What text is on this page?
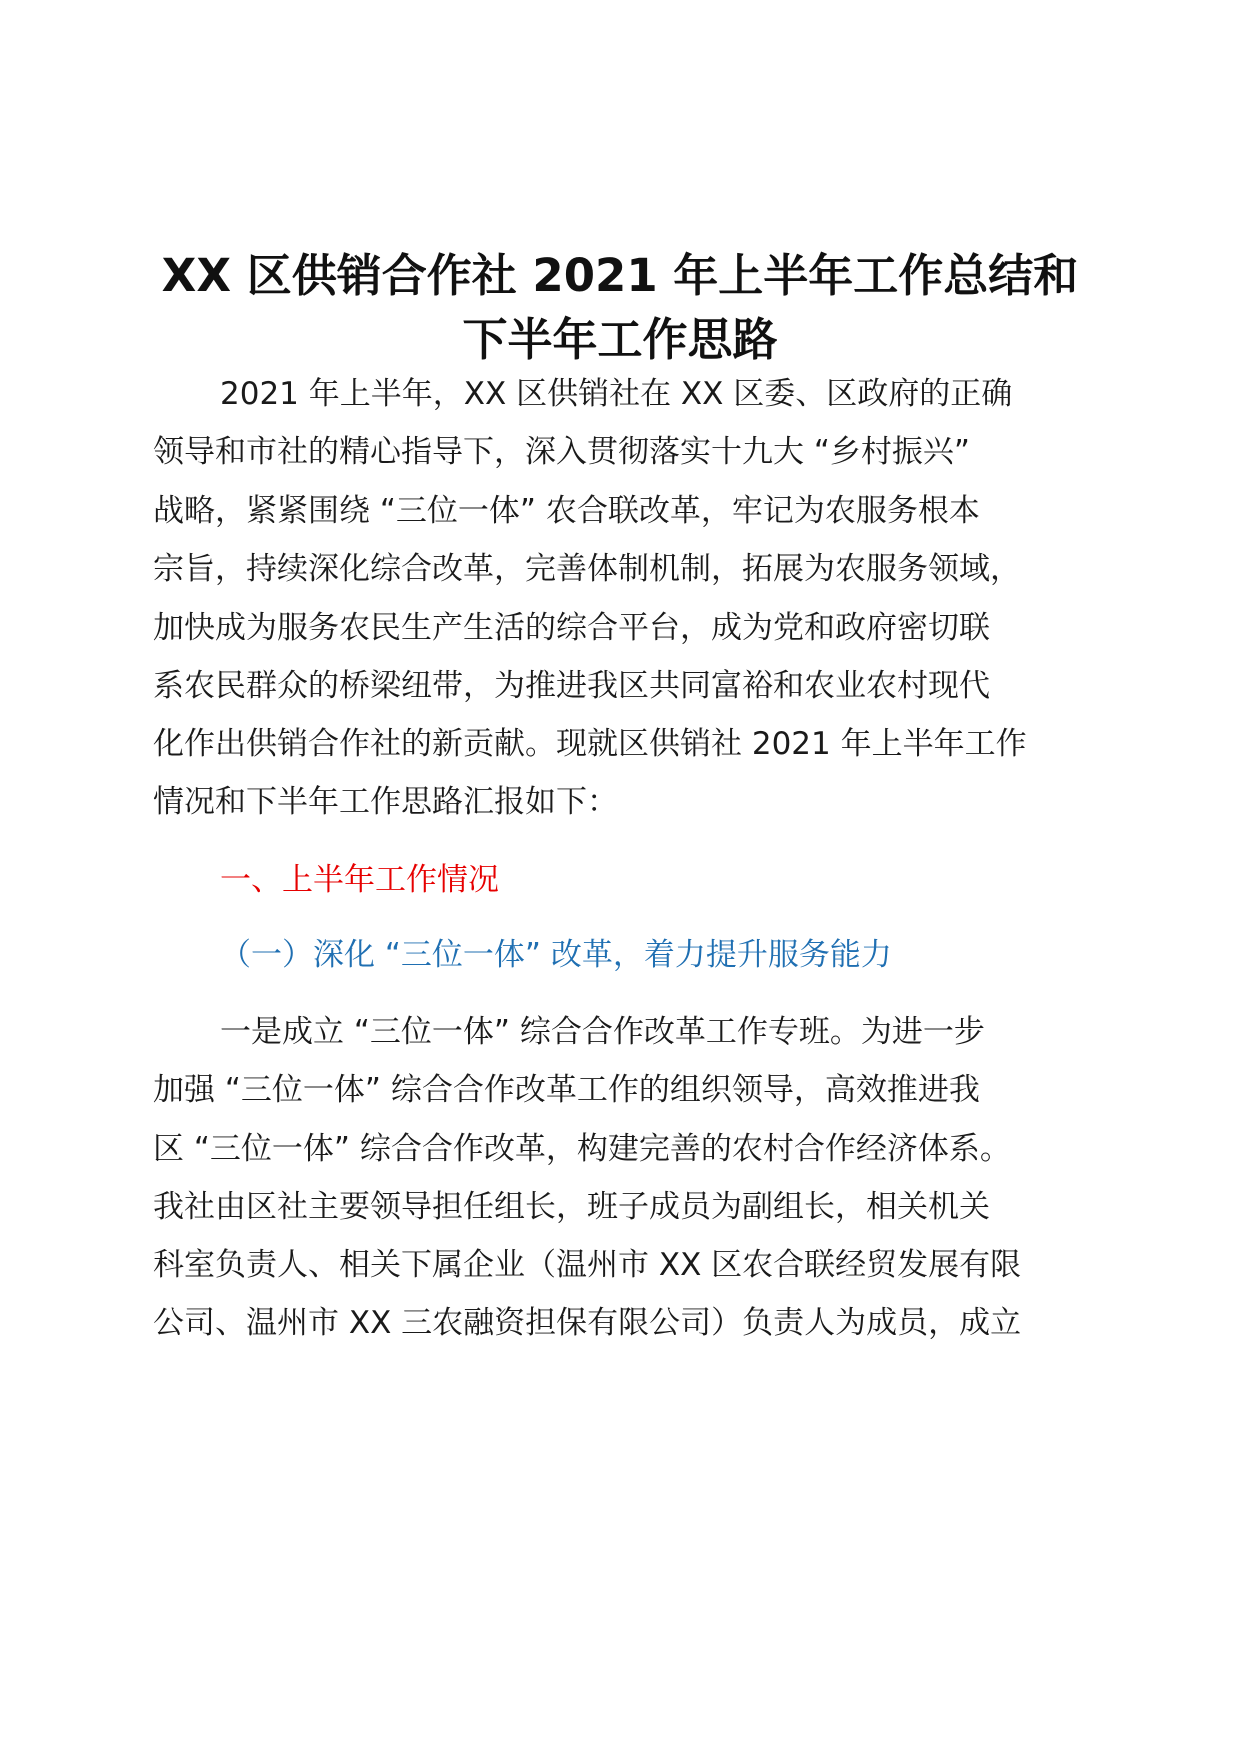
XX 区供销合作社 2021 年上半年工作总结和
下半年工作思路
2021 年上半年，XX 区供销社在 XX 区委、区政府的正确
领导和市社的精心指导下，深入贯彻落实十九大 “乡村振兴”
战略，紧紧围绕 “三位一体” 农合联改革，牢记为农服务根本
宗旨，持续深化综合改革，完善体制机制，拓展为农服务领域，
加快成为服务农民生产生活的综合平台，成为党和政府密切联
系农民群众的桥梁纽带，为推进我区共同富裕和农业农村现代
化作出供销合作社的新贡献。现就区供销社 2021 年上半年工作
情况和下半年工作思路汇报如下：
一、上半年工作情况
（一）深化 “三位一体” 改革，着力提升服务能力
一是成立 “三位一体” 综合合作改革工作专班。为进一步
加强 “三位一体” 综合合作改革工作的组织领导，高效推进我
区 “三位一体” 综合合作改革，构建完善的农村合作经济体系。
我社由区社主要领导担任组长，班子成员为副组长，相关机关
科室负责人、相关下属企业（温州市 XX 区农合联经贸发展有限
公司、温州市 XX 三农融资担保有限公司）负责人为成员，成立
